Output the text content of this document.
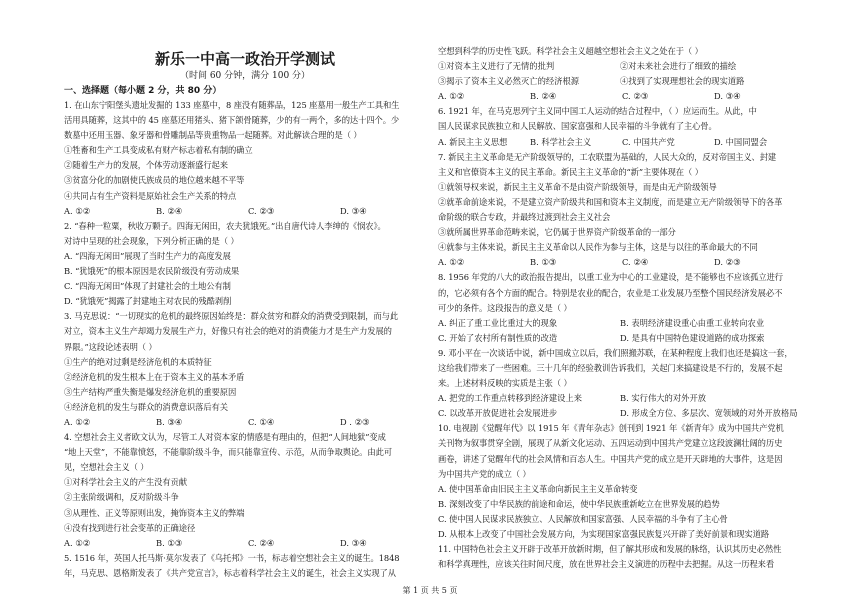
新乐一中高一政治开学测试
（时间 60 分钟，满分 100 分）
一、选择题（每小题 2 分，共 80 分）
1. 在山东宁阳堡头遗址发掘的 133 座墓中，8 座没有随葬品，125 座墓用一般生产工具和生
活用具随葬，这其中的 45 座墓还用猪头、猪下颌骨随葬，少的有一两个，多的达十四个。少
数墓中还用玉器、象牙器和骨雕制品等贵重物品一起随葬。对此解读合理的是（ ）
①牲畜和生产工具变成私有财产标志着私有制的确立
②随着生产力的发展，个体劳动逐渐盛行起来
③贫富分化的加剧使氏族成员的地位越来越不平等
④共同占有生产资料是原始社会生产关系的特点
A. ①②	B. ②④	C. ②③	D. ③④
2. “春种一粒粟，秋收万颗子。四海无闲田，农夫犹饿死。”出自唐代诗人李绅的《悯农》。
对诗中呈现的社会现象，下列分析正确的是（ ）
A. “四海无闲田”展现了当时生产力的高度发展
B. “犹饿死”的根本原因是农民阶级没有劳动成果
C. “四海无闲田”体现了封建社会的土地公有制
D. “犹饿死”揭露了封建地主对农民的残酷剥削
3. 马克思说：“一切现实的危机的最终原因始终是：群众贫穷和群众的消费受到限制，而与此
对立，资本主义生产却竭力发展生产力，好像只有社会的绝对的消费能力才是生产力发展的
界限。”这段论述表明（ ）
①生产的绝对过剩是经济危机的本质特征
②经济危机的发生根本上在于资本主义的基本矛盾
③生产结构严重失衡是爆发经济危机的重要原因
④经济危机的发生与群众的消费意识落后有关
A. ①②	B. ③④	C. ①④	D . ②③
4. 空想社会主义者欧文认为，尽管工人对资本家的情感是有理由的，但把“人间地狱”变成
“地上天堂”，不能靠愤怒，不能靠阶级斗争，而只能靠宣传、示范，从而争取舆论。由此可
见，空想社会主义（ ）
①对科学社会主义的产生没有贡献
②主张阶级调和，反对阶级斗争
③从理性、正义等原则出发，掩饰资本主义的弊端
④没有找到进行社会变革的正确途径
A. ①②	B. ①③	C. ②④	D. ③④
5. 1516 年，英国人托马斯·莫尔发表了《乌托邦》一书，标志着空想社会主义的诞生。1848
年，马克思、恩格斯发表了《共产党宣言》，标志着科学社会主义的诞生，社会主义实现了从
空想到科学的历史性飞跃。科学社会主义超越空想社会主义之处在于（ ）
①对资本主义进行了无情的批判	②对未来社会进行了细致的描绘
③揭示了资本主义必然灭亡的经济根源	④找到了实现理想社会的现实道路
A. ①②	B. ②④	C. ②③	D. ③④
6. 1921 年，在马克思列宁主义同中国工人运动的结合过程中，（ ）应运而生。从此，中
国人民谋求民族独立和人民解放、国家富强和人民幸福的斗争就有了主心骨。
A. 新民主主义思想	B. 科学社会主义	C. 中国共产党	D. 中国同盟会
7. 新民主主义革命是无产阶级领导的，工农联盟为基础的，人民大众的，反对帝国主义、封建
主义和官僚资本主义的民主革命。新民主主义革命的“新”主要体现在（ ）
①就领导权来说，新民主主义革命不是由资产阶级领导，而是由无产阶级领导
②就革命前途来说，不是建立资产阶级共和国和资本主义制度，而是建立无产阶级领导下的各革
命阶级的联合专政，并最终过渡到社会主义社会
③就所属世界革命范畴来说，它仍属于世界资产阶级革命的一部分
④就参与主体来说，新民主主义革命以人民作为参与主体，这是与以往的革命最大的不同
A. ①②	B. ①③	C. ②④	D. ②③
8. 1956 年党的八大的政治报告提出，以重工业为中心的工业建设，是不能够也不应该孤立进行
的，它必须有各个方面的配合。特别是农业的配合，农业是工业发展乃至整个国民经济发展必不
可少的条件。这段报告的意义是（ ）
A. 纠正了重工业比重过大的现象	B. 表明经济建设重心由重工业转向农业
C. 开始了农村所有制性质的改造	D. 是具有中国特色建设道路的成功探索
9. 邓小平在一次谈话中说，新中国成立以后，我们照搬苏联，在某种程度上我们也还是搞这一套，
这给我们带来了一些困难。三十几年的经验教训告诉我们，关起门来搞建设是不行的，发展不起
来。上述材料反映的实质是主张（ ）
A. 把党的工作重点转移到经济建设上来	B. 实行伟大的对外开放
C. 以改革开放促进社会发展进步	D. 形成全方位、多层次、宽领域的对外开放格局
10. 电视剧《觉醒年代》以 1915 年《青年杂志》创刊到 1921 年《新青年》成为中国共产党机
关刊物为叙事贯穿全剧，展现了从新文化运动、五四运动到中国共产党建立这段波澜壮阔的历史
画卷，讲述了觉醒年代的社会风情和百态人生。中国共产党的成立是开天辟地的大事件，这是因
为中国共产党的成立（ ）
A. 使中国革命由旧民主主义革命向新民主主义革命转变
B. 深刻改变了中华民族的前途和命运，使中华民族重新屹立在世界发展的趋势
C. 使中国人民谋求民族独立、人民解放和国家富强、人民幸福的斗争有了主心骨
D. 从根本上改变了中国社会发展方向，为实现国家富强民族复兴开辟了美好前景和现实道路
11. 中国特色社会主义开辟于改革开放新时期，但了解其形成和发展的脉络，认识其历史必然性
和科学真理性，应该关往时间尺度，放在世界社会主义演进的历程中去把握。从这一历程来看
第 1 页 共 5 页
